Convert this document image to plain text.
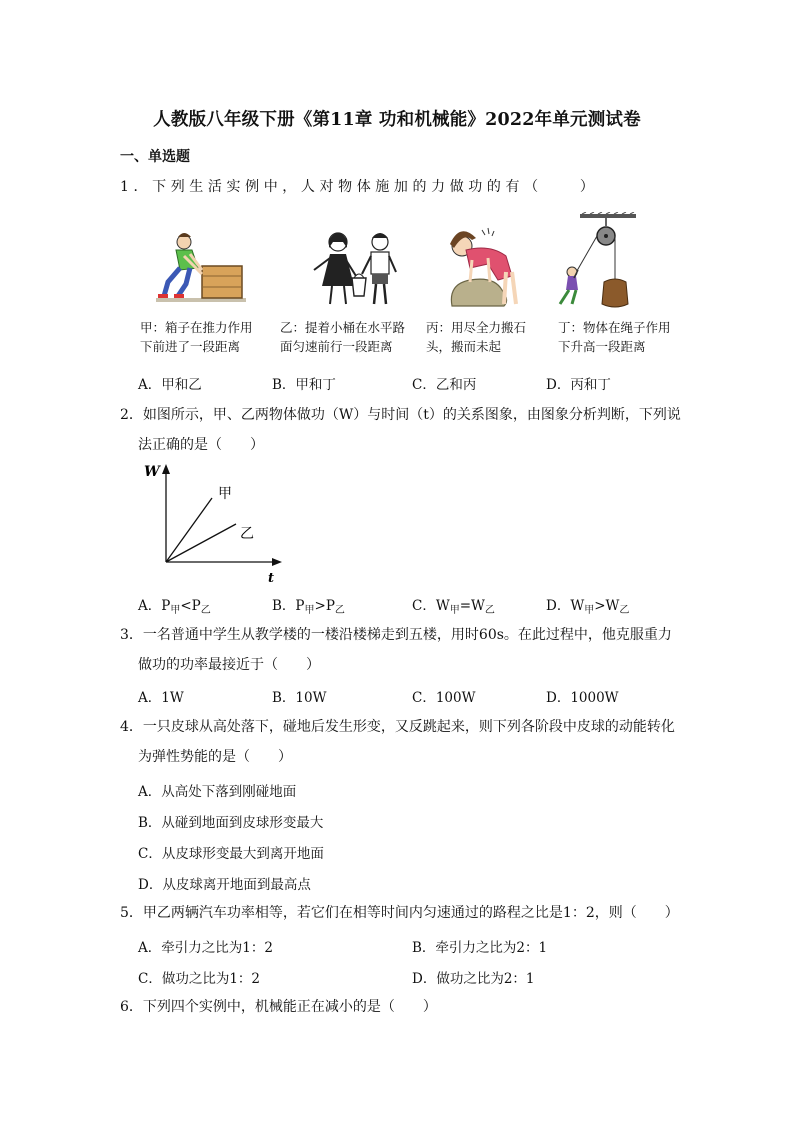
人教版八年级下册《第11章 功和机械能》2022年单元测试卷
一、单选题
1．下列生活实例中，人对物体施加的力做功的有（　　）
甲：箱子在推力作用
下前进了一段距离
乙：提着小桶在水平路
面匀速前行一段距离
丙：用尽全力搬石
头，搬而未起
丁：物体在绳子作用
下升高一段距离
A．甲和乙	B．甲和丁	C．乙和丙	D．丙和丁
2．如图所示，甲、乙两物体做功（W）与时间（t）的关系图象，由图象分析判断，下列说
法正确的是（　　）
W
t
甲
乙
A．$P_甲<P_乙$	B．$P_甲>P_乙$	C．$W_甲=W_乙$	D．$W_甲>W_乙$
3．一名普通中学生从教学楼的一楼沿楼梯走到五楼，用时60s。在此过程中，他克服重力
做功的功率最接近于（　　）
A．1W	B．10W	C．100W	D．1000W
4．一只皮球从高处落下，碰地后发生形变，又反跳起来，则下列各阶段中皮球的动能转化
为弹性势能的是（　　）
A．从高处下落到刚碰地面
B．从碰到地面到皮球形变最大
C．从皮球形变最大到离开地面
D．从皮球离开地面到最高点
5．甲乙两辆汽车功率相等，若它们在相等时间内匀速通过的路程之比是1：2，则（　　）
A．牵引力之比为1：2	B．牵引力之比为2：1
C．做功之比为1：2	D．做功之比为2：1
6．下列四个实例中，机械能正在减小的是（　　）
